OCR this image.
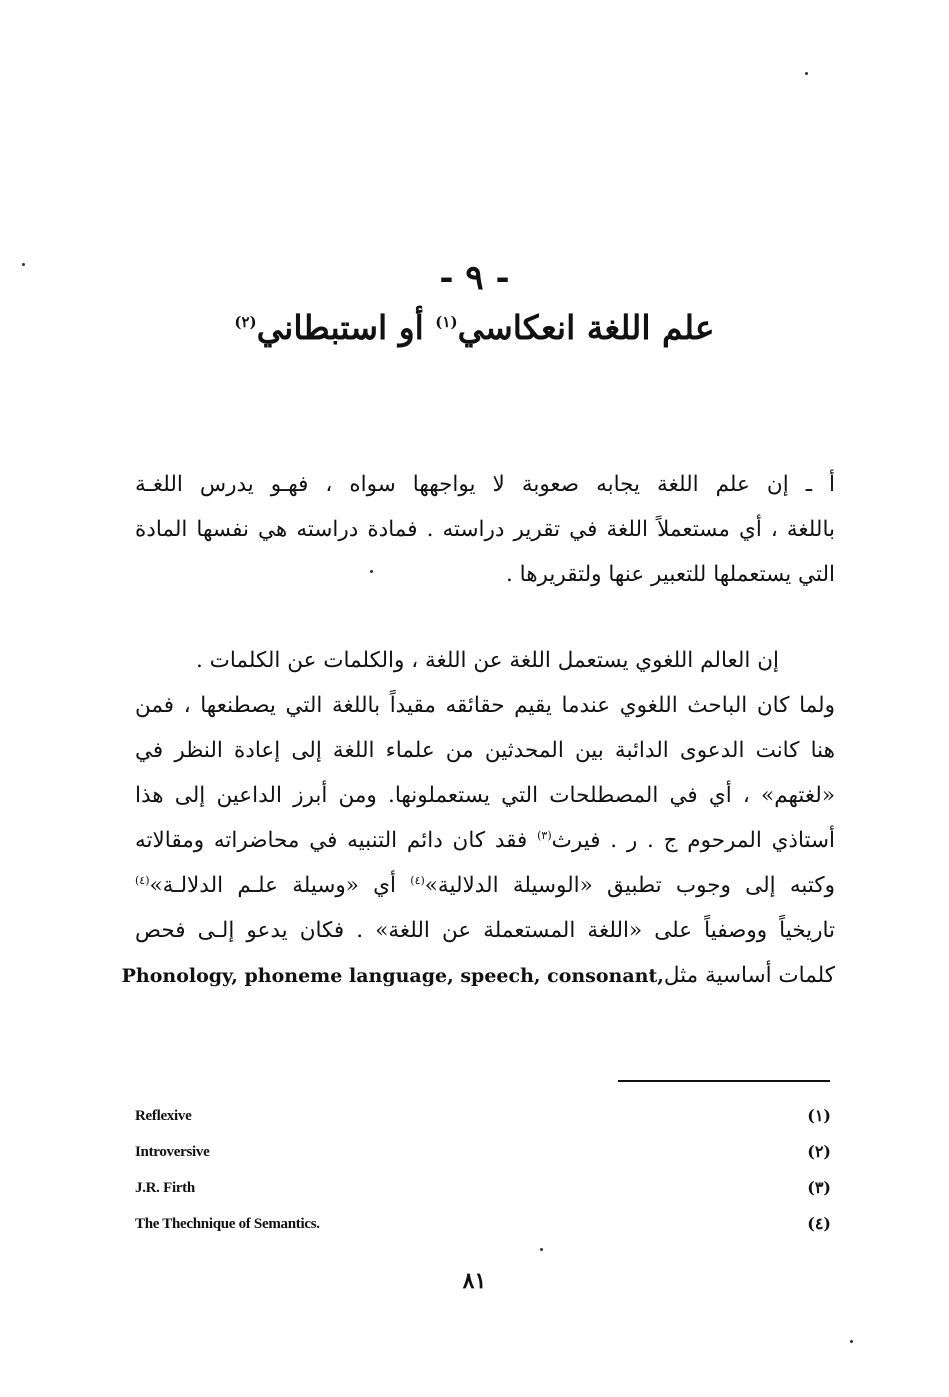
- ٩ -
علم اللغة انعكاسي$^{(١)}$ أو استبطاني$^{(٢)}$
أ ـ إن علم اللغة يجابه صعوبة لا يواجهها سواه ، فهـو يدرس اللغـة
باللغة ، أي مستعملاً اللغة في تقرير دراسته . فمادة دراسته هي نفسها المادة
التي يستعملها للتعبير عنها ولتقريرها .
إن العالم اللغوي يستعمل اللغة عن اللغة ، والكلمات عن الكلمات .
ولما كان الباحث اللغوي عندما يقيم حقائقه مقيداً باللغة التي يصطنعها ، فمن
هنا كانت الدعوى الدائبة بين المحدثين من علماء اللغة إلى إعادة النظر في
«لغتهم» ، أي في المصطلحات التي يستعملونها. ومن أبرز الداعين إلى هذا
أستاذي المرحوم ج . ر . فيرث$^{(٣)}$ فقد كان دائم التنبيه في محاضراته ومقالاته
وكتبه إلى وجوب تطبيق «الوسيلة الدلالية»$^{(٤)}$ أي «وسيلة علـم الدلالـة»$^{(٤)}$
تاريخياً ووصفياً على «اللغة المستعملة عن اللغة» . فكان يدعو إلـى فحص
كلمات أساسية مثلPhonology, phoneme language, speech, consonant,
Reflexive	(١)
Introversive	(٢)
J.R. Firth	(٣)
The Thechnique of Semantics.	(٤)
٨١
